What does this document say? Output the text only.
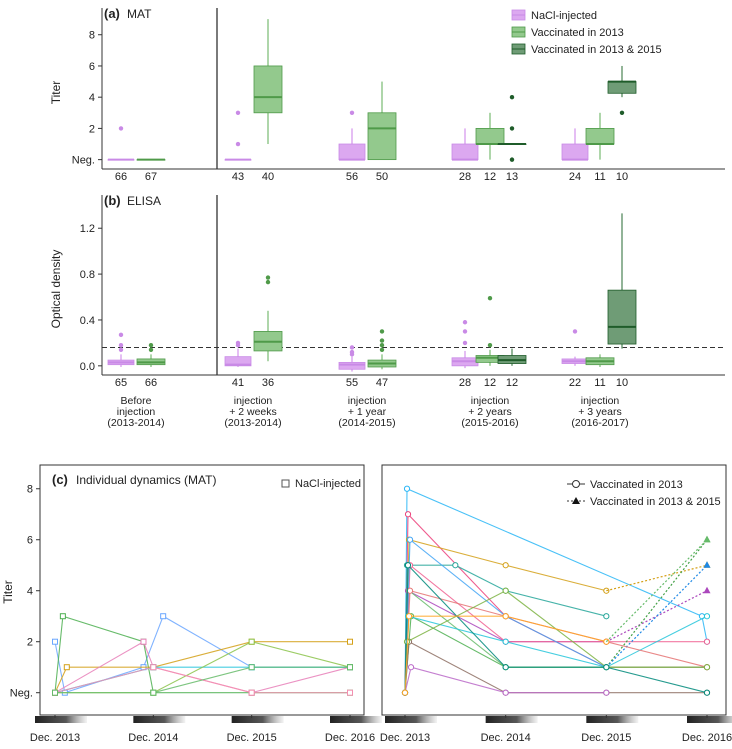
Neg.
2
4
6
8
(a) MAT
Titer
66 67	43 40	56 50	28 12 13	24 11 10
0.0
0.4
0.8
1.2
(b) ELISA
Optical density
65 66	41 36	55 47	28 12 12	22 11 10
NaCl-injected
Vaccinated in 2013
Vaccinated in 2013 & 2015
Before
injection
(2013-2014)
injection
+ 2 weeks
(2013-2014)
injection
+ 1 year
(2014-2015)
injection
+ 2 years
(2015-2016)
injection
+ 3 years
(2016-2017)
Neg.
2
4
6
8
Titer
Dec. 2013	Dec. 2013
Dec. 2014	Dec. 2014
Dec. 2015	Dec. 2015
Dec. 2016	Dec. 2016
(c) Individual dynamics (MAT)	NaCl-injected	Vaccinated in 2013
Vaccinated in 2013 & 2015
